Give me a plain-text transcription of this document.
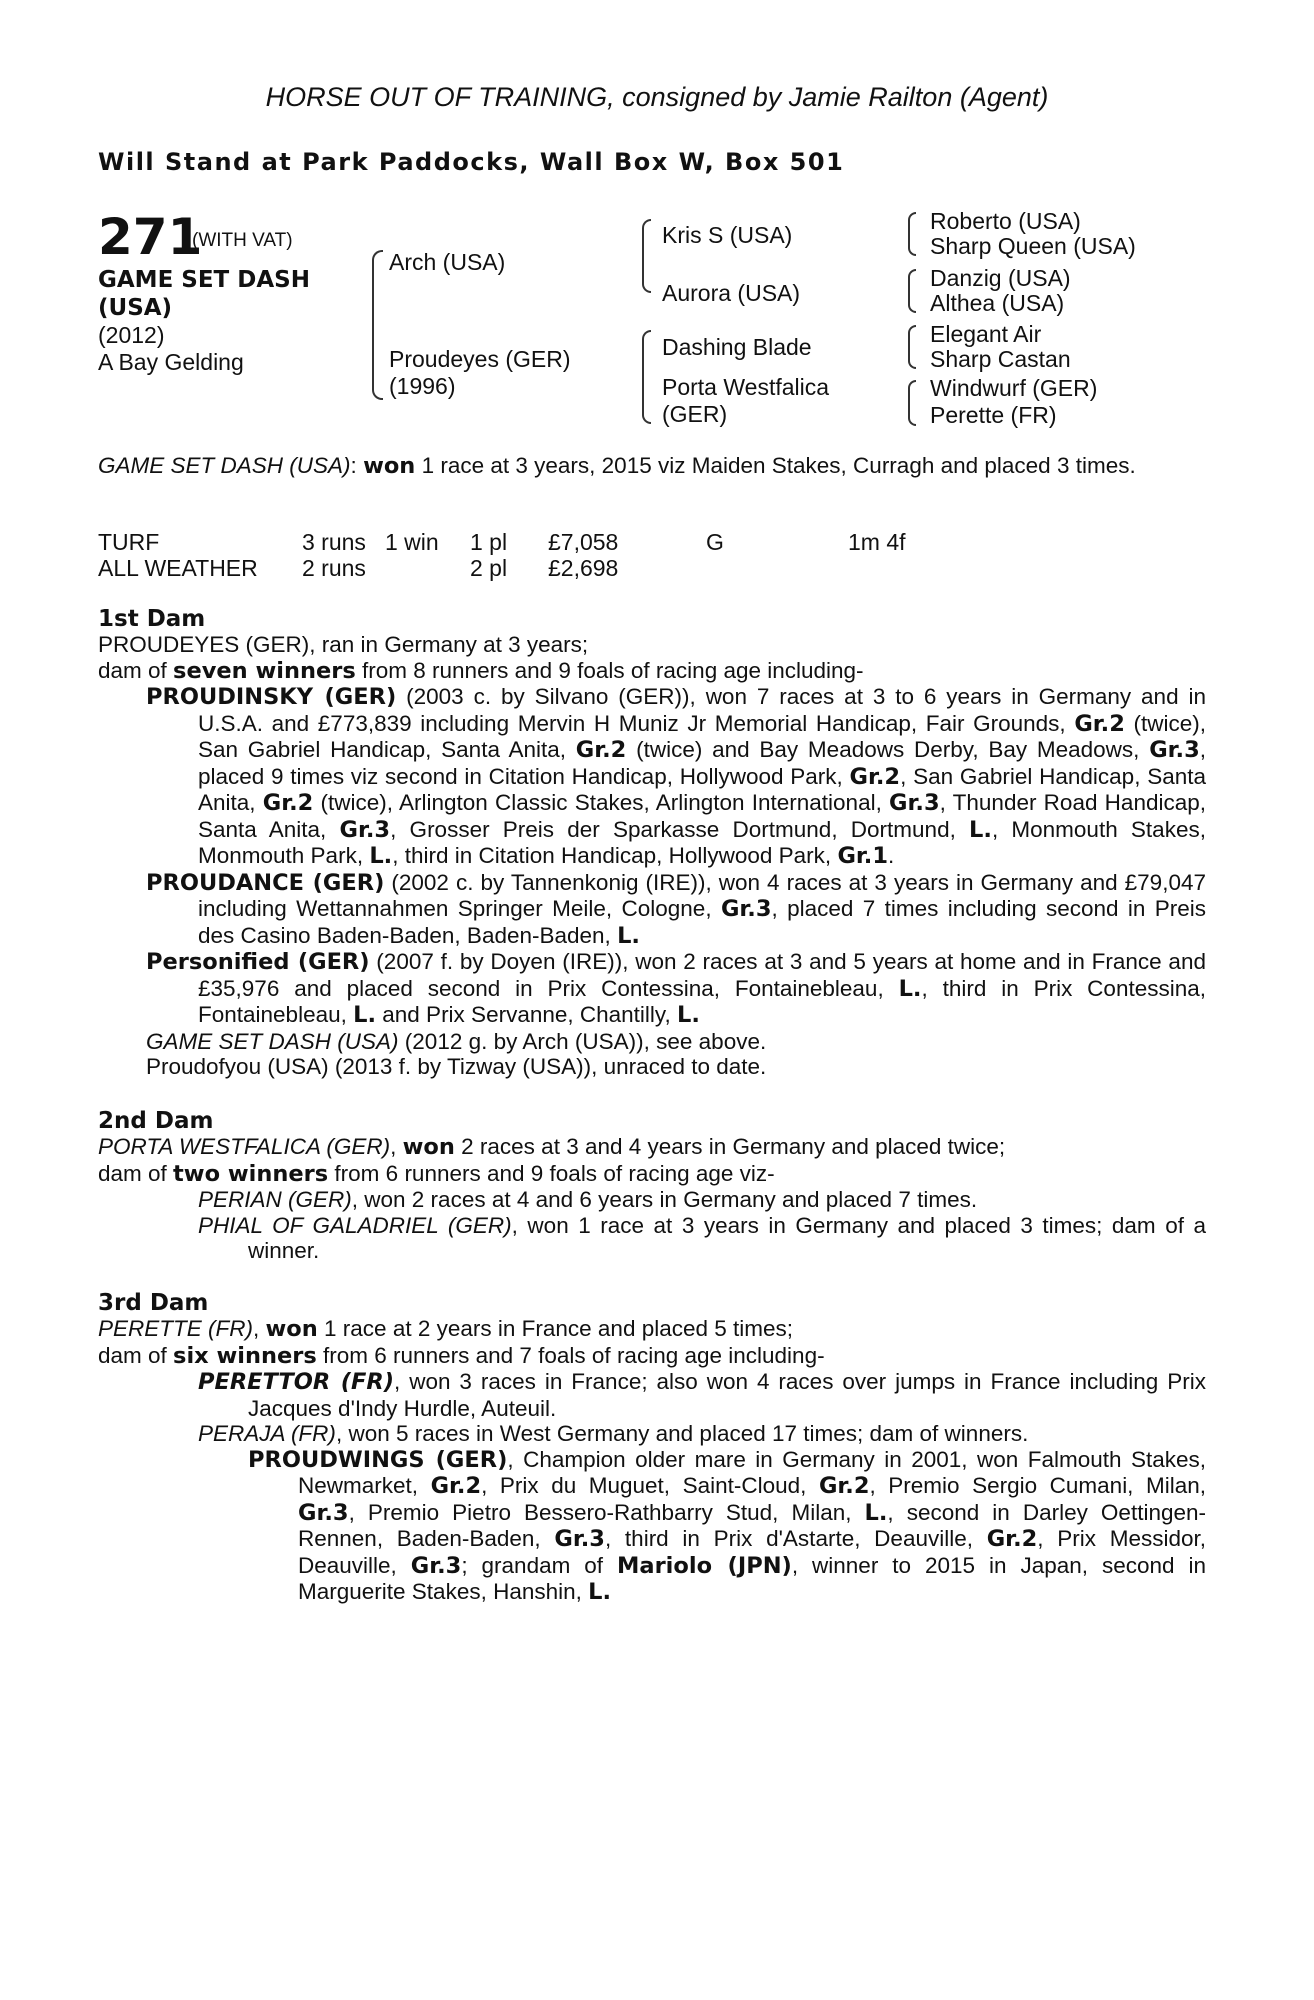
HORSE OUT OF TRAINING, consigned by Jamie Railton (Agent)
Will Stand at Park Paddocks, Wall Box W, Box 501
271
(WITH VAT)
GAME SET DASH
(USA)
(2012)
A Bay Gelding
Arch (USA)
Proudeyes (GER)
(1996)
Kris S (USA)
Aurora (USA)
Dashing Blade
Porta Westfalica
(GER)
Roberto (USA)
Sharp Queen (USA)
Danzig (USA)
Althea (USA)
Elegant Air
Sharp Castan
Windwurf (GER)
Perette (FR)
GAME SET DASH (USA): won 1 race at 3 years, 2015 viz Maiden Stakes, Curragh and placed 3 times.
TURF	3 runs 1 win 1 pl £7,058	G	1m 4f
ALL WEATHER 2 runs	2 pl £2,698
1st Dam

PROUDEYES (GER), ran in Germany at 3 years;

dam of seven winners from 8 runners and 9 foals of racing age including-

PROUDINSKY (GER) (2003 c. by Silvano (GER)), won 7 races at 3 to 6 years in Germany and in U.S.A. and £773,839 including Mervin H Muniz Jr Memorial Handicap, Fair Grounds, Gr.2 (twice), San Gabriel Handicap, Santa Anita, Gr.2 (twice) and Bay Meadows Derby, Bay Meadows, Gr.3, placed 9 times viz second in Citation Handicap, Hollywood Park, Gr.2, San Gabriel Handicap, Santa Anita, Gr.2 (twice), Arlington Classic Stakes, Arlington International, Gr.3, Thunder Road Handicap, Santa Anita, Gr.3, Grosser Preis der Sparkasse Dortmund, Dortmund, L., Monmouth Stakes, Monmouth Park, L., third in Citation Handicap, Hollywood Park, Gr.1.

PROUDANCE (GER) (2002 c. by Tannenkonig (IRE)), won 4 races at 3 years in Germany and £79,047 including Wettannahmen Springer Meile, Cologne, Gr.3, placed 7 times including second in Preis des Casino Baden-Baden, Baden-Baden, L.

Personified (GER) (2007 f. by Doyen (IRE)), won 2 races at 3 and 5 years at home and in France and £35,976 and placed second in Prix Contessina, Fontainebleau, L., third in Prix Contessina, Fontainebleau, L. and Prix Servanne, Chantilly, L.

GAME SET DASH (USA) (2012 g. by Arch (USA)), see above.

Proudofyou (USA) (2013 f. by Tizway (USA)), unraced to date.

2nd Dam

PORTA WESTFALICA (GER), won 2 races at 3 and 4 years in Germany and placed twice;

dam of two winners from 6 runners and 9 foals of racing age viz-

PERIAN (GER), won 2 races at 4 and 6 years in Germany and placed 7 times.

PHIAL OF GALADRIEL (GER), won 1 race at 3 years in Germany and placed 3 times; dam of a winner.

3rd Dam

PERETTE (FR), won 1 race at 2 years in France and placed 5 times;

dam of six winners from 6 runners and 7 foals of racing age including-

PERETTOR (FR), won 3 races in France; also won 4 races over jumps in France including Prix Jacques d'Indy Hurdle, Auteuil.

PERAJA (FR), won 5 races in West Germany and placed 17 times; dam of winners.

PROUDWINGS (GER), Champion older mare in Germany in 2001, won Falmouth Stakes, Newmarket, Gr.2, Prix du Muguet, Saint-Cloud, Gr.2, Premio Sergio Cumani, Milan, Gr.3, Premio Pietro Bessero-Rathbarry Stud, Milan, L., second in Darley Oettingen-Rennen, Baden-Baden, Gr.3, third in Prix d'Astarte, Deauville, Gr.2, Prix Messidor, Deauville, Gr.3; grandam of Mariolo (JPN), winner to 2015 in Japan, second in Marguerite Stakes, Hanshin, L.
